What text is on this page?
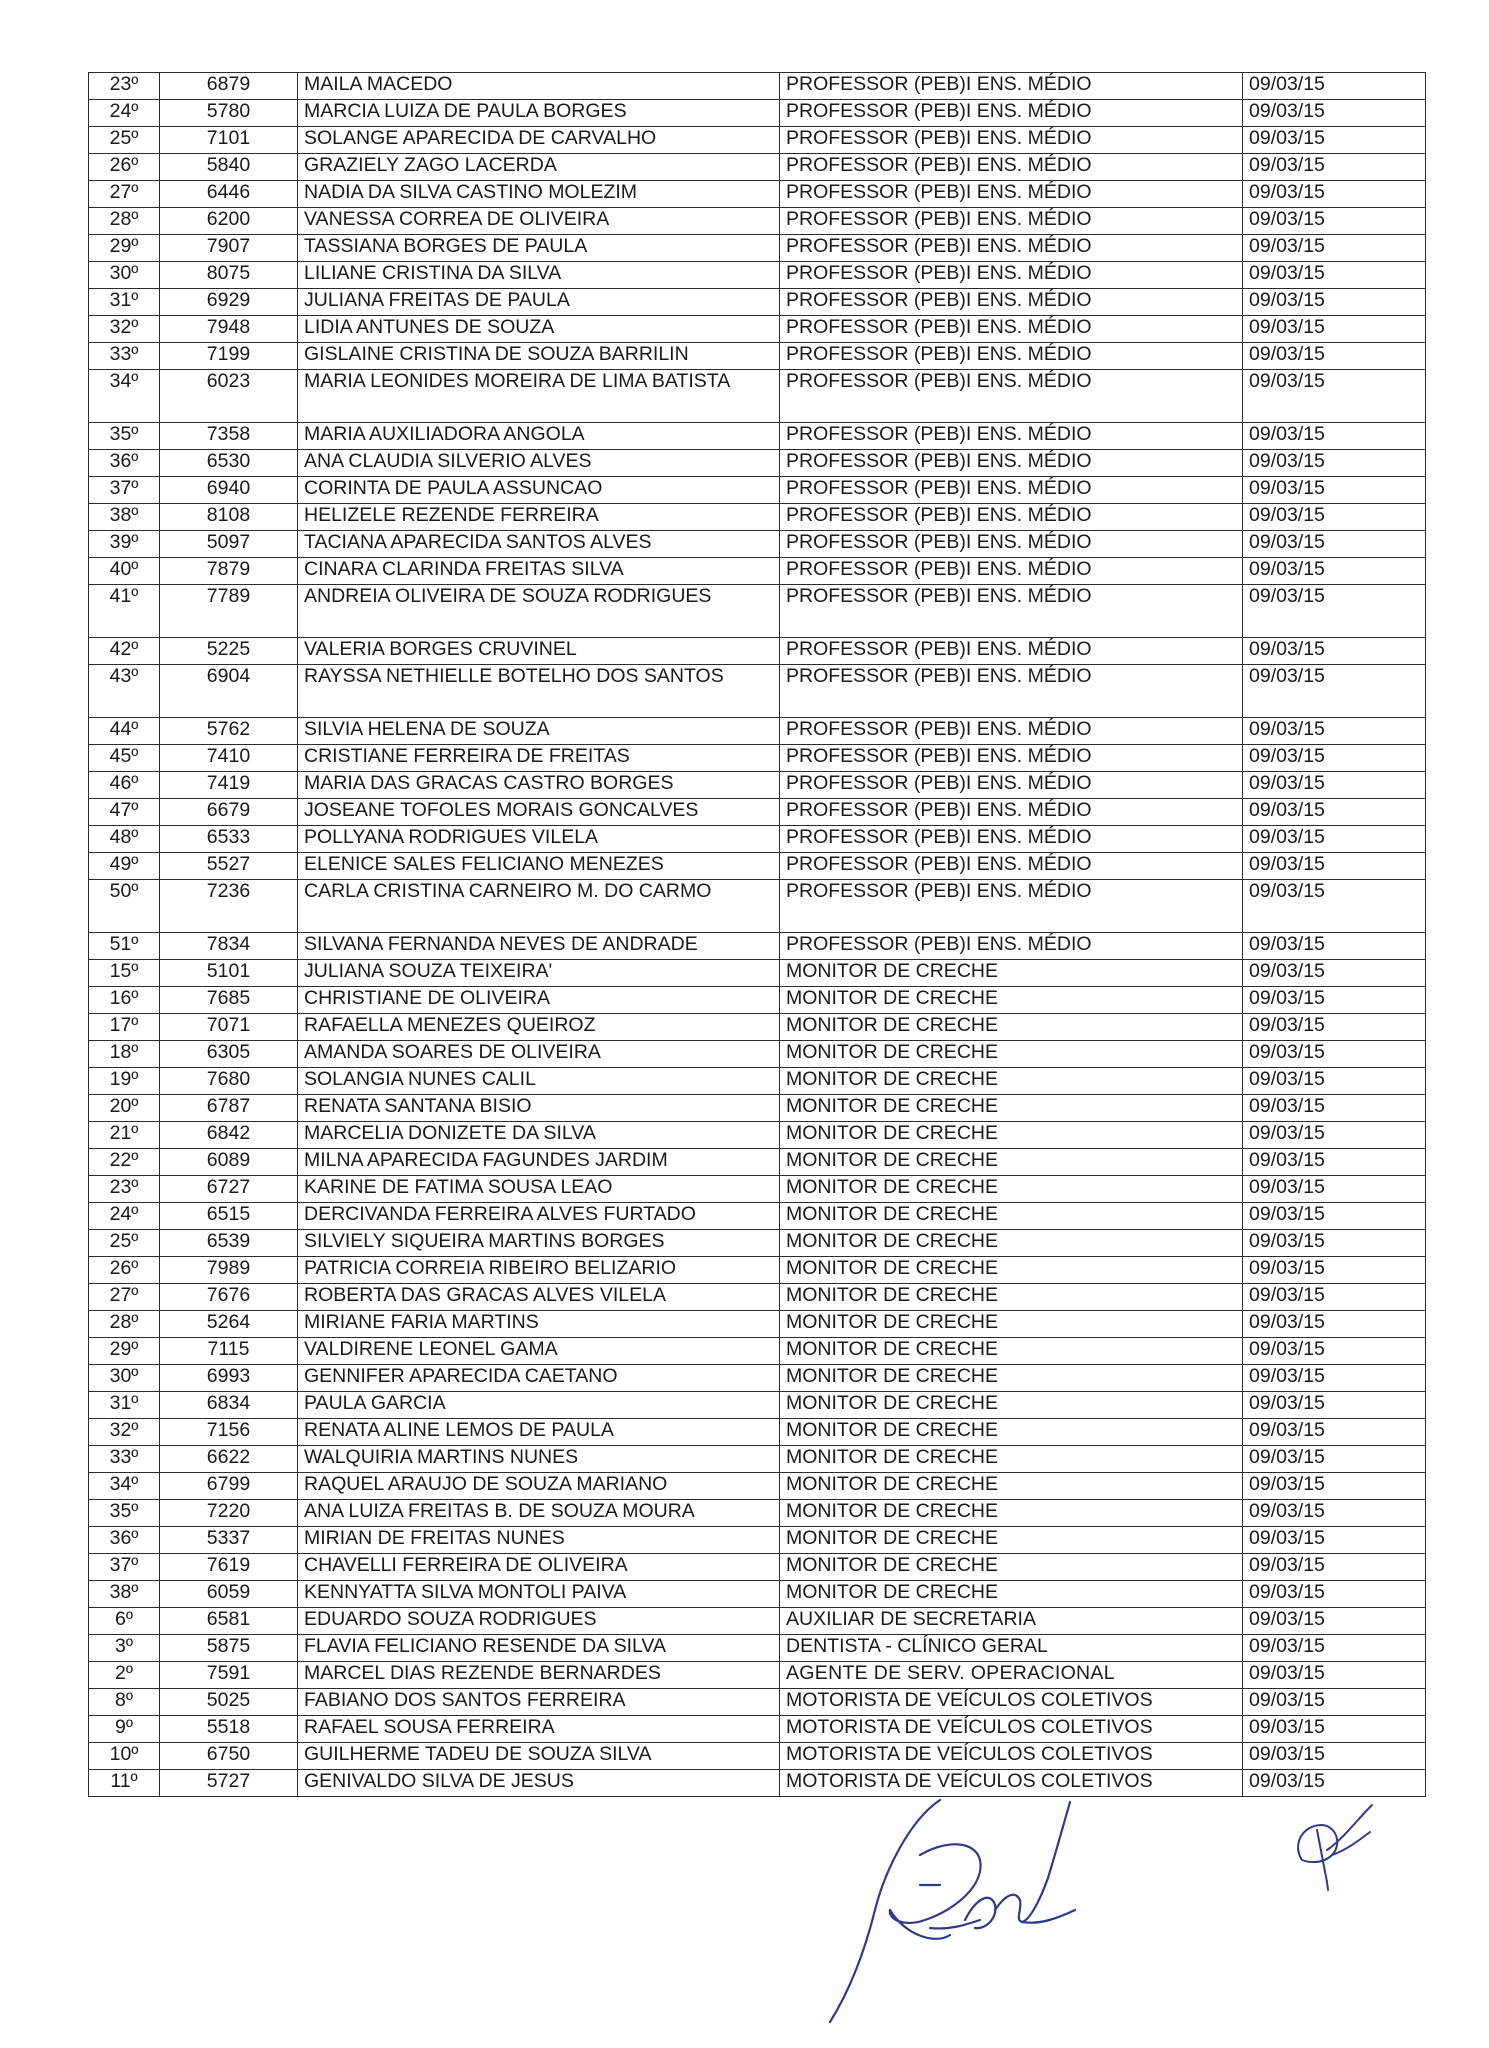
23º	6879	MAILA MACEDO	PROFESSOR (PEB)I ENS. MÉDIO	09/03/15
24º	5780	MARCIA LUIZA DE PAULA BORGES	PROFESSOR (PEB)I ENS. MÉDIO	09/03/15
25º	7101	SOLANGE APARECIDA DE CARVALHO	PROFESSOR (PEB)I ENS. MÉDIO	09/03/15
26º	5840	GRAZIELY ZAGO LACERDA	PROFESSOR (PEB)I ENS. MÉDIO	09/03/15
27º	6446	NADIA DA SILVA CASTINO MOLEZIM	PROFESSOR (PEB)I ENS. MÉDIO	09/03/15
28º	6200	VANESSA CORREA DE OLIVEIRA	PROFESSOR (PEB)I ENS. MÉDIO	09/03/15
29º	7907	TASSIANA BORGES DE PAULA	PROFESSOR (PEB)I ENS. MÉDIO	09/03/15
30º	8075	LILIANE CRISTINA DA SILVA	PROFESSOR (PEB)I ENS. MÉDIO	09/03/15
31º	6929	JULIANA FREITAS DE PAULA	PROFESSOR (PEB)I ENS. MÉDIO	09/03/15
32º	7948	LIDIA ANTUNES DE SOUZA	PROFESSOR (PEB)I ENS. MÉDIO	09/03/15
33º	7199	GISLAINE CRISTINA DE SOUZA BARRILIN	PROFESSOR (PEB)I ENS. MÉDIO	09/03/15
34º	6023	MARIA LEONIDES MOREIRA DE LIMA BATISTA	PROFESSOR (PEB)I ENS. MÉDIO	09/03/15
35º	7358	MARIA AUXILIADORA ANGOLA	PROFESSOR (PEB)I ENS. MÉDIO	09/03/15
36º	6530	ANA CLAUDIA SILVERIO ALVES	PROFESSOR (PEB)I ENS. MÉDIO	09/03/15
37º	6940	CORINTA DE PAULA ASSUNCAO	PROFESSOR (PEB)I ENS. MÉDIO	09/03/15
38º	8108	HELIZELE REZENDE FERREIRA	PROFESSOR (PEB)I ENS. MÉDIO	09/03/15
39º	5097	TACIANA APARECIDA SANTOS ALVES	PROFESSOR (PEB)I ENS. MÉDIO	09/03/15
40º	7879	CINARA CLARINDA FREITAS SILVA	PROFESSOR (PEB)I ENS. MÉDIO	09/03/15
41º	7789	ANDREIA OLIVEIRA DE SOUZA RODRIGUES	PROFESSOR (PEB)I ENS. MÉDIO	09/03/15
42º	5225	VALERIA BORGES CRUVINEL	PROFESSOR (PEB)I ENS. MÉDIO	09/03/15
43º	6904	RAYSSA NETHIELLE BOTELHO DOS SANTOS	PROFESSOR (PEB)I ENS. MÉDIO	09/03/15
44º	5762	SILVIA HELENA DE SOUZA	PROFESSOR (PEB)I ENS. MÉDIO	09/03/15
45º	7410	CRISTIANE FERREIRA DE FREITAS	PROFESSOR (PEB)I ENS. MÉDIO	09/03/15
46º	7419	MARIA DAS GRACAS CASTRO BORGES	PROFESSOR (PEB)I ENS. MÉDIO	09/03/15
47º	6679	JOSEANE TOFOLES MORAIS GONCALVES	PROFESSOR (PEB)I ENS. MÉDIO	09/03/15
48º	6533	POLLYANA RODRIGUES VILELA	PROFESSOR (PEB)I ENS. MÉDIO	09/03/15
49º	5527	ELENICE SALES FELICIANO MENEZES	PROFESSOR (PEB)I ENS. MÉDIO	09/03/15
50º	7236	CARLA CRISTINA CARNEIRO M. DO CARMO	PROFESSOR (PEB)I ENS. MÉDIO	09/03/15
51º	7834	SILVANA FERNANDA NEVES DE ANDRADE	PROFESSOR (PEB)I ENS. MÉDIO	09/03/15
15º	5101	JULIANA SOUZA TEIXEIRA'	MONITOR DE CRECHE	09/03/15
16º	7685	CHRISTIANE DE OLIVEIRA	MONITOR DE CRECHE	09/03/15
17º	7071	RAFAELLA MENEZES QUEIROZ	MONITOR DE CRECHE	09/03/15
18º	6305	AMANDA SOARES DE OLIVEIRA	MONITOR DE CRECHE	09/03/15
19º	7680	SOLANGIA NUNES CALIL	MONITOR DE CRECHE	09/03/15
20º	6787	RENATA SANTANA BISIO	MONITOR DE CRECHE	09/03/15
21º	6842	MARCELIA DONIZETE DA SILVA	MONITOR DE CRECHE	09/03/15
22º	6089	MILNA APARECIDA FAGUNDES JARDIM	MONITOR DE CRECHE	09/03/15
23º	6727	KARINE DE FATIMA SOUSA LEAO	MONITOR DE CRECHE	09/03/15
24º	6515	DERCIVANDA FERREIRA ALVES FURTADO	MONITOR DE CRECHE	09/03/15
25º	6539	SILVIELY SIQUEIRA MARTINS BORGES	MONITOR DE CRECHE	09/03/15
26º	7989	PATRICIA CORREIA RIBEIRO BELIZARIO	MONITOR DE CRECHE	09/03/15
27º	7676	ROBERTA DAS GRACAS ALVES VILELA	MONITOR DE CRECHE	09/03/15
28º	5264	MIRIANE FARIA MARTINS	MONITOR DE CRECHE	09/03/15
29º	7115	VALDIRENE LEONEL GAMA	MONITOR DE CRECHE	09/03/15
30º	6993	GENNIFER APARECIDA CAETANO	MONITOR DE CRECHE	09/03/15
31º	6834	PAULA GARCIA	MONITOR DE CRECHE	09/03/15
32º	7156	RENATA ALINE LEMOS DE PAULA	MONITOR DE CRECHE	09/03/15
33º	6622	WALQUIRIA MARTINS NUNES	MONITOR DE CRECHE	09/03/15
34º	6799	RAQUEL ARAUJO DE SOUZA MARIANO	MONITOR DE CRECHE	09/03/15
35º	7220	ANA LUIZA FREITAS B. DE SOUZA MOURA	MONITOR DE CRECHE	09/03/15
36º	5337	MIRIAN DE FREITAS NUNES	MONITOR DE CRECHE	09/03/15
37º	7619	CHAVELLI FERREIRA DE OLIVEIRA	MONITOR DE CRECHE	09/03/15
38º	6059	KENNYATTA SILVA MONTOLI PAIVA	MONITOR DE CRECHE	09/03/15
6º	6581	EDUARDO SOUZA RODRIGUES	AUXILIAR DE SECRETARIA	09/03/15
3º	5875	FLAVIA FELICIANO RESENDE DA SILVA	DENTISTA - CLÍNICO GERAL	09/03/15
2º	7591	MARCEL DIAS REZENDE BERNARDES	AGENTE DE SERV. OPERACIONAL	09/03/15
8º	5025	FABIANO DOS SANTOS FERREIRA	MOTORISTA DE VEÍCULOS COLETIVOS	09/03/15
9º	5518	RAFAEL SOUSA FERREIRA	MOTORISTA DE VEÍCULOS COLETIVOS	09/03/15
10º	6750	GUILHERME TADEU DE SOUZA SILVA	MOTORISTA DE VEÍCULOS COLETIVOS	09/03/15
11º	5727	GENIVALDO SILVA DE JESUS	MOTORISTA DE VEÍCULOS COLETIVOS	09/03/15
